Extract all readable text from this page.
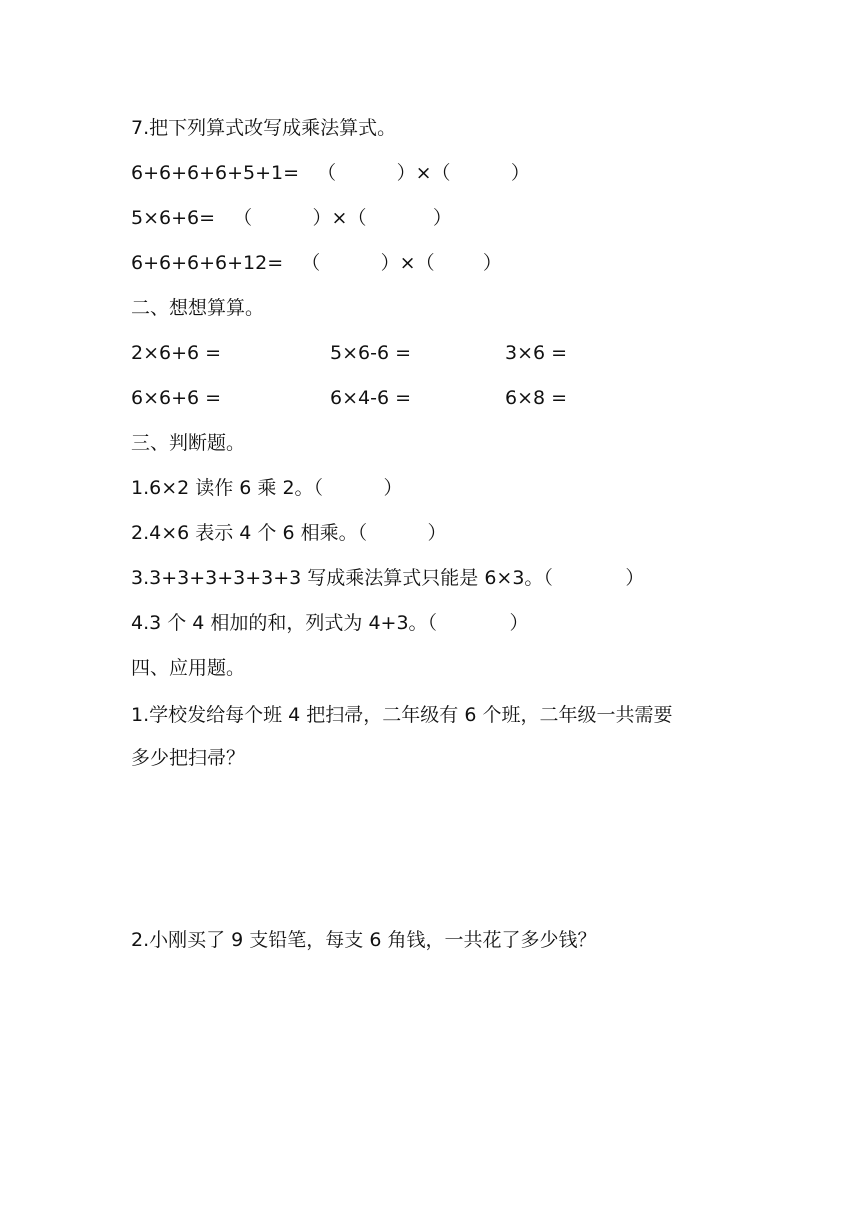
7.把下列算式改写成乘法算式。
6+6+6+6+5+1=   （          ）×（          ）
5×6+6=   （          ）×（           ）
6+6+6+6+12=   （          ）×（        ）
二、想想算算。
2×6+6 =	5×6-6 =	3×6 =
6×6+6 =	6×4-6 =	6×8 =
三、判断题。
1.6×2 读作 6 乘 2。（          ）
2.4×6 表示 4 个 6 相乘。（          ）
3.3+3+3+3+3+3 写成乘法算式只能是 6×3。（            ）
4.3 个 4 相加的和，列式为 4+3。（            ）
四、应用题。
1.学校发给每个班 4 把扫帚，二年级有 6 个班，二年级一共需要
多少把扫帚？
2.小刚买了 9 支铅笔，每支 6 角钱，一共花了多少钱？
